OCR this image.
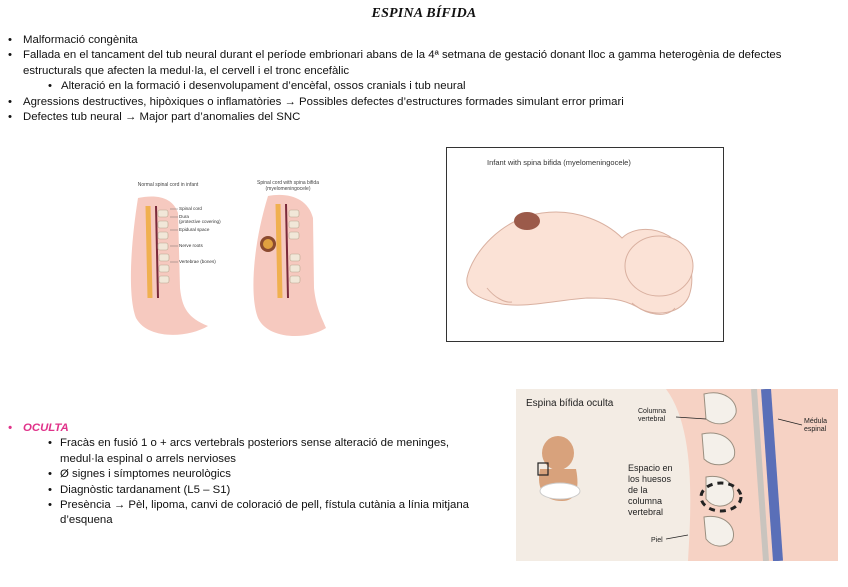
ESPINA BÍFIDA
• Malformació congènita
• Fallada en el tancament del tub neural durant el període embrionari abans de la 4ª setmana de gestació donant lloc a gamma heterogènia de defectes estructurals que afecten la medul·la, el cervell i el tronc encefàlic
• Alteració en la formació i desenvolupament d’encèfal, ossos cranials i tub neural
• Agressions destructives, hipòxiques o inflamatòries → Possibles defectes d’estructures formades simulant error primari
• Defectes tub neural → Major part d’anomalies del SNC
Normal spinal cord in infant	Spinal cord with spina bifida
(myelomeningocele)
Spinal cord
Dura
(protective covering)
Epidural space
Nerve roots
Vertebrae (bones)
Infant with spina bifida (myelomeningocele)
• OCULTA
• Fracàs en fusió 1 o + arcs vertebrals posteriors sense alteració de meninges, medul·la espinal o arrels nervioses
• Ø signes i símptomes neurològics
• Diagnòstic tardanament (L5 – S1)
• Presència → Pèl, lipoma, canvi de coloració de pell, fístula cutània a línia mitjana d’esquena
Espina bífida oculta
Columna
vertebral	Médula
espinal
Espacio en
los huesos
de la
columna
vertebral
Piel
